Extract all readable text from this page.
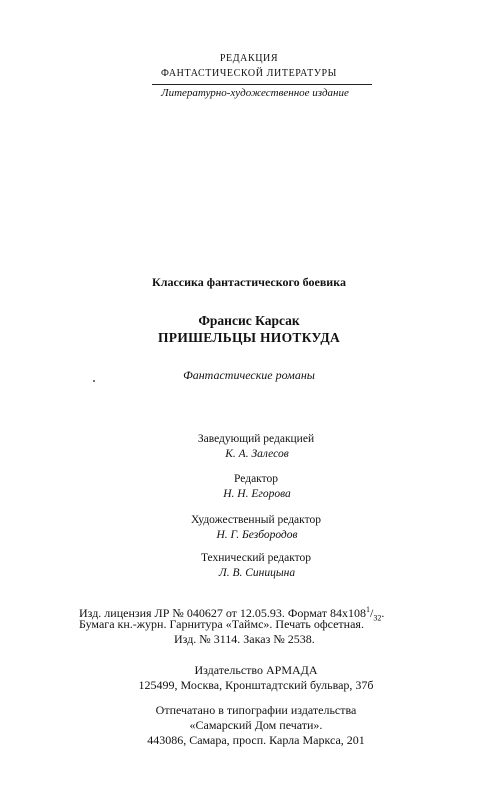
РЕДАКЦИЯ
ФАНТАСТИЧЕСКОЙ ЛИТЕРАТУРЫ
Литературно-художественное издание
Классика фантастического боевика
Франсис Карсак
ПРИШЕЛЬЦЫ НИОТКУДА
Фантастические романы
Заведующий редакцией
К. А. Залесов
Редактор
Н. Н. Егорова
Художественный редактор
Н. Г. Безбородов
Технический редактор
Л. В. Синицына
Изд. лицензия ЛР № 040627 от 12.05.93. Формат $84х108^1/_{32}$.
Бумага кн.-журн. Гарнитура «Таймс». Печать офсетная.
Изд. № 3114. Заказ № 2538.
Издательство АРМАДА
125499, Москва, Кронштадтский бульвар, 37б
Отпечатано в типографии издательства
«Самарский Дом печати».
443086, Самара, просп. Карла Маркса, 201
